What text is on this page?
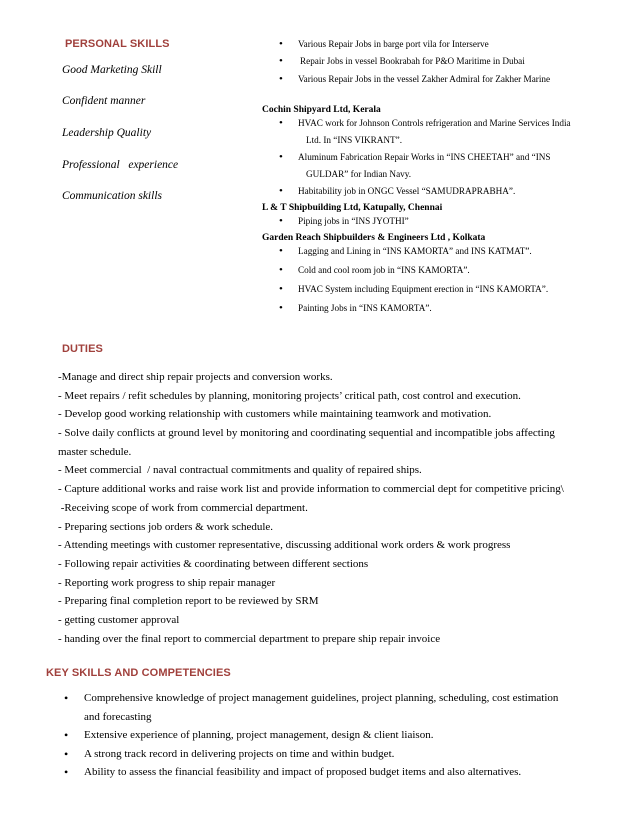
PERSONAL SKILLS
Good Marketing Skill
Confident manner
Leadership Quality
Professional   experience
Communication skills
• Various Repair Jobs in barge port vila for Interserve
• Repair Jobs in vessel Bookrabah for P&O Maritime in Dubai
• Various Repair Jobs in the vessel Zakher Admiral for Zakher Marine
Cochin Shipyard Ltd, Kerala
• HVAC work for Johnson Controls refrigeration and Marine Services India
Ltd. In “INS VIKRANT”.
• Aluminum Fabrication Repair Works in “INS CHEETAH” and “INS
GULDAR” for Indian Navy.
• Habitability job in ONGC Vessel “SAMUDRAPRABHA”.
L & T Shipbuilding Ltd, Katupally, Chennai
• Piping jobs in “INS JYOTHI”
Garden Reach Shipbuilders & Engineers Ltd , Kolkata
• Lagging and Lining in “INS KAMORTA” and INS KATMAT”.
• Cold and cool room job in “INS KAMORTA”.
• HVAC System including Equipment erection in “INS KAMORTA”.
• Painting Jobs in “INS KAMORTA”.
DUTIES
-Manage and direct ship repair projects and conversion works.
- Meet repairs / refit schedules by planning, monitoring projects’ critical path, cost control and execution.
- Develop good working relationship with customers while maintaining teamwork and motivation.
- Solve daily conflicts at ground level by monitoring and coordinating sequential and incompatible jobs affecting
master schedule.
- Meet commercial  / naval contractual commitments and quality of repaired ships.
- Capture additional works and raise work list and provide information to commercial dept for competitive pricing\
-Receiving scope of work from commercial department.
- Preparing sections job orders & work schedule.
- Attending meetings with customer representative, discussing additional work orders & work progress
- Following repair activities & coordinating between different sections
- Reporting work progress to ship repair manager
- Preparing final completion report to be reviewed by SRM
- getting customer approval
- handing over the final report to commercial department to prepare ship repair invoice
KEY SKILLS AND COMPETENCIES
• Comprehensive knowledge of project management guidelines, project planning, scheduling, cost estimation
and forecasting
• Extensive experience of planning, project management, design & client liaison.
• A strong track record in delivering projects on time and within budget.
• Ability to assess the financial feasibility and impact of proposed budget items and also alternatives.
